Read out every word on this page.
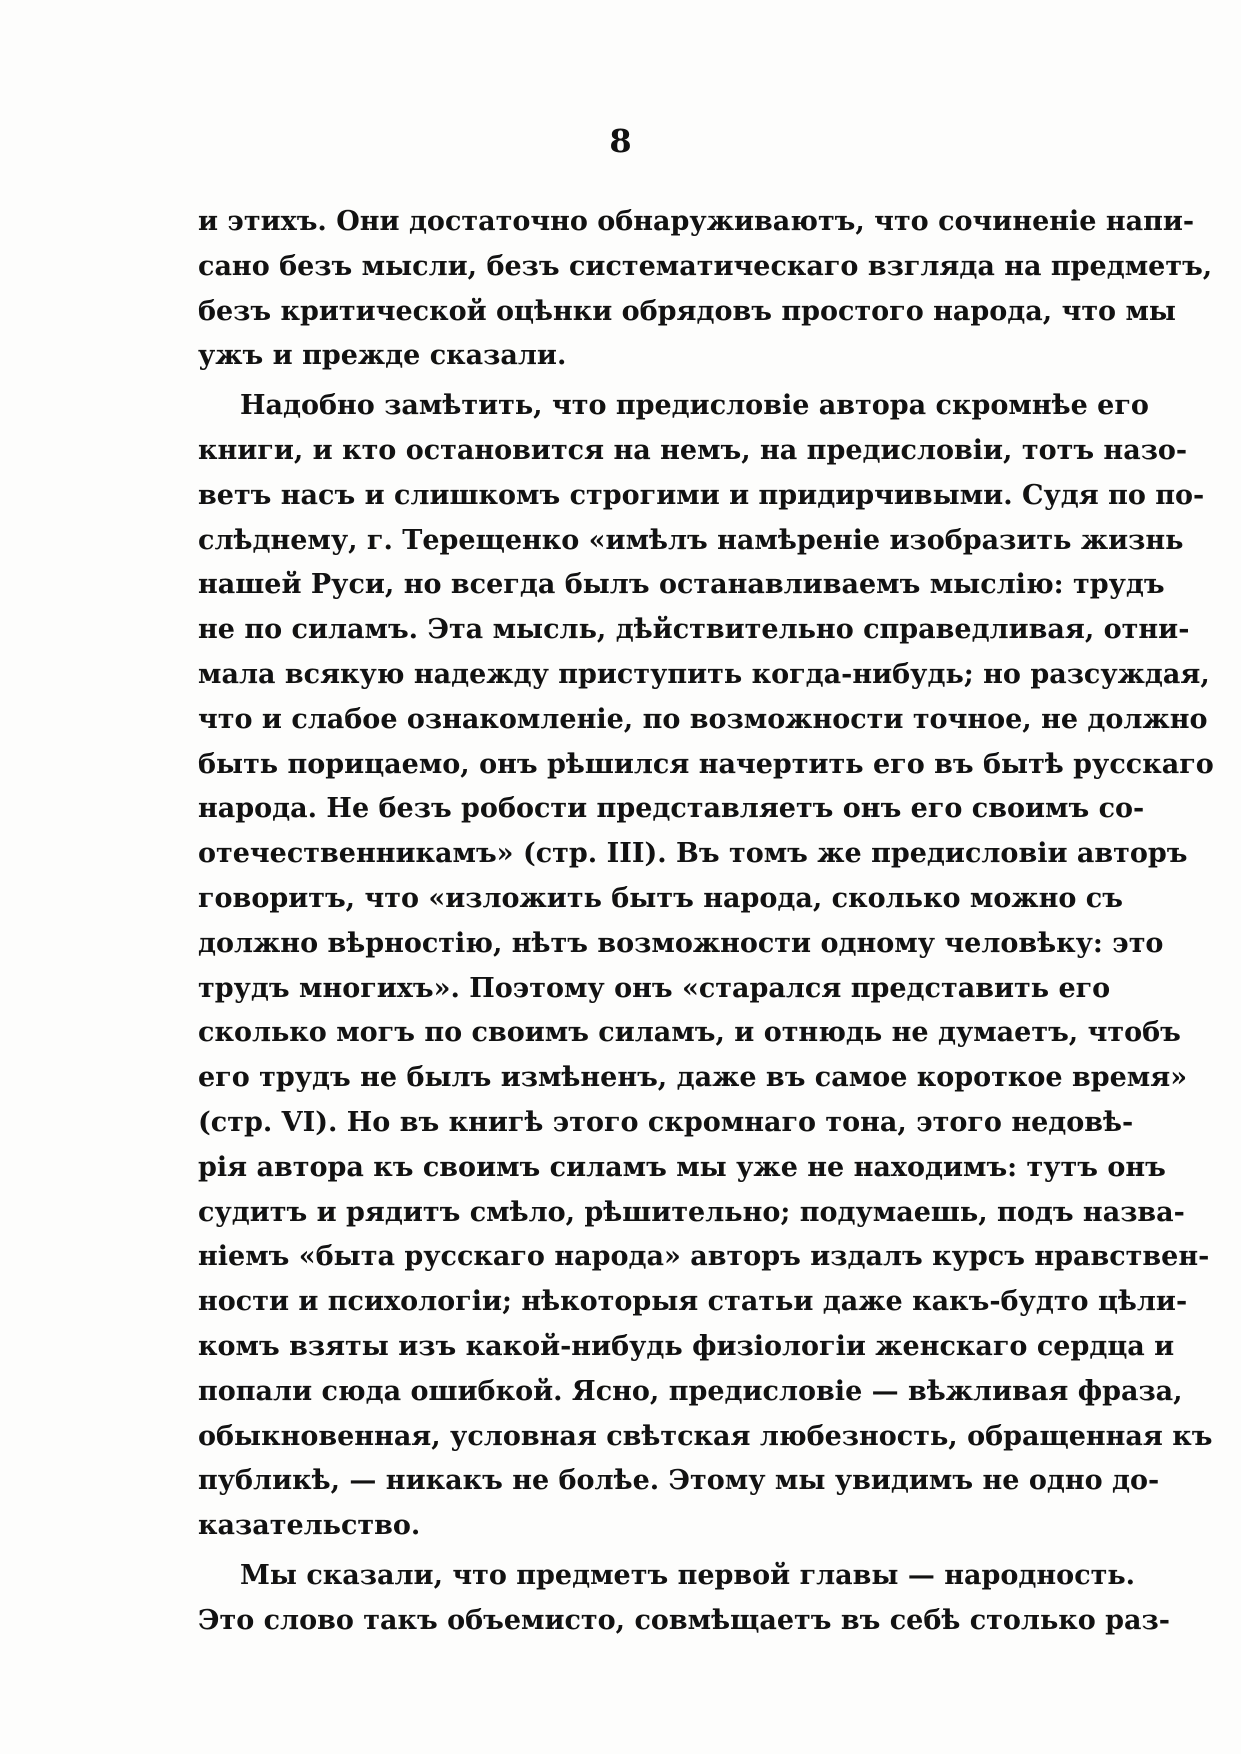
8
и этихъ. Они достаточно обнаруживаютъ, что сочиненіе напи-
сано безъ мысли, безъ систематическаго взгляда на предметъ,
безъ критической оцѣнки обрядовъ простого народа, что мы
ужъ и прежде сказали.
Надобно замѣтить, что предисловіе автора скромнѣе его
книги, и кто остановится на немъ, на предисловіи, тотъ назо-
ветъ насъ и слишкомъ строгими и придирчивыми. Судя по по-
слѣднему, г. Терещенко «имѣлъ намѣреніе изобразить жизнь
нашей Руси, но всегда былъ останавливаемъ мыслію: трудъ
не по силамъ. Эта мысль, дѣйствительно справедливая, отни-
мала всякую надежду приступить когда-нибудь; но разсуждая,
что и слабое ознакомленіе, по возможности точное, не должно
быть порицаемо, онъ рѣшился начертить его въ бытѣ русскаго
народа. Не безъ робости представляетъ онъ его своимъ со-
отечественникамъ» (стр. III). Въ томъ же предисловіи авторъ
говоритъ, что «изложить бытъ народа, сколько можно съ
должно вѣрностію, нѣтъ возможности одному человѣку: это
трудъ многихъ». Поэтому онъ «старался представить его
сколько могъ по своимъ силамъ, и отнюдь не думаетъ, чтобъ
его трудъ не былъ измѣненъ, даже въ самое короткое время»
(стр. VI). Но въ книгѣ этого скромнаго тона, этого недовѣ-
рія автора къ своимъ силамъ мы уже не находимъ: тутъ онъ
судитъ и рядитъ смѣло, рѣшительно; подумаешь, подъ назва-
ніемъ «быта русскаго народа» авторъ издалъ курсъ нравствен-
ности и психологіи; нѣкоторыя статьи даже какъ-будто цѣли-
комъ взяты изъ какой-нибудь физіологіи женскаго сердца и
попали сюда ошибкой. Ясно, предисловіе — вѣжливая фраза,
обыкновенная, условная свѣтская любезность, обращенная къ
публикѣ, — никакъ не болѣе. Этому мы увидимъ не одно до-
казательство.
Мы сказали, что предметъ первой главы — народность.
Это слово такъ объемисто, совмѣщаетъ въ себѣ столько раз-
